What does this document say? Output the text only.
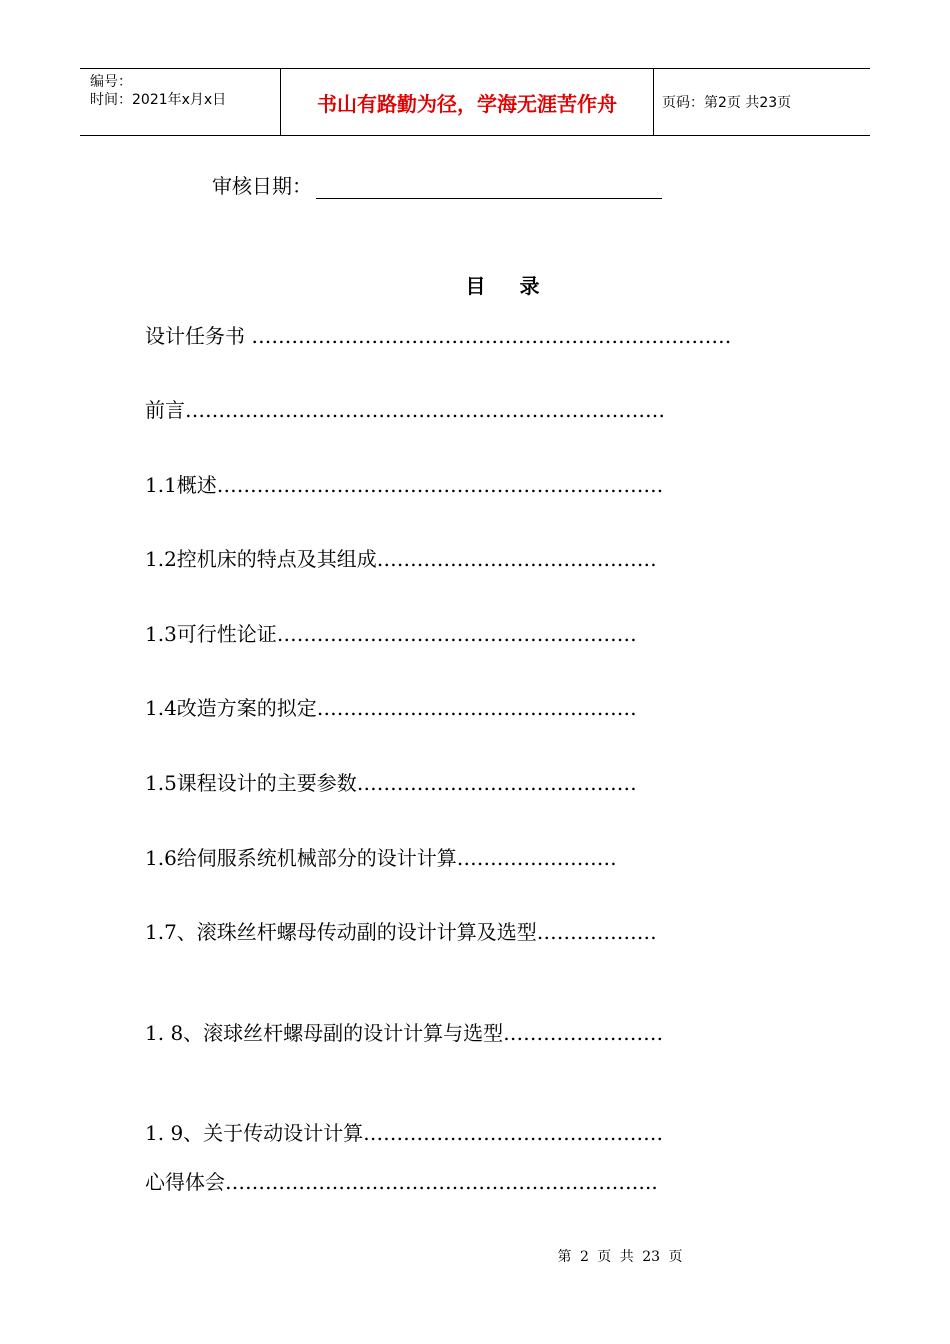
编号：
时间：2021年x月x日	书山有路勤为径，学海无涯苦作舟	页码：第2页 共23页
审核日期：
目 录
设计任务书 ………………………………………………………………
前言………………………………………………………………
1.1概述………………………………………………………….
1.2控机床的特点及其组成……………………………………
1.3可行性论证………………………………………………
1.4改造方案的拟定…………………………………………
1.5课程设计的主要参数……………………………………
1.6给伺服系统机械部分的设计计算……………………
1.7、滚珠丝杆螺母传动副的设计计算及选型………………
1. 8、滚球丝杆螺母副的设计计算与选型……………………
1. 9、关于传动设计计算………………………………………
心得体会………………………………………………………..
第 2 页 共 23 页
